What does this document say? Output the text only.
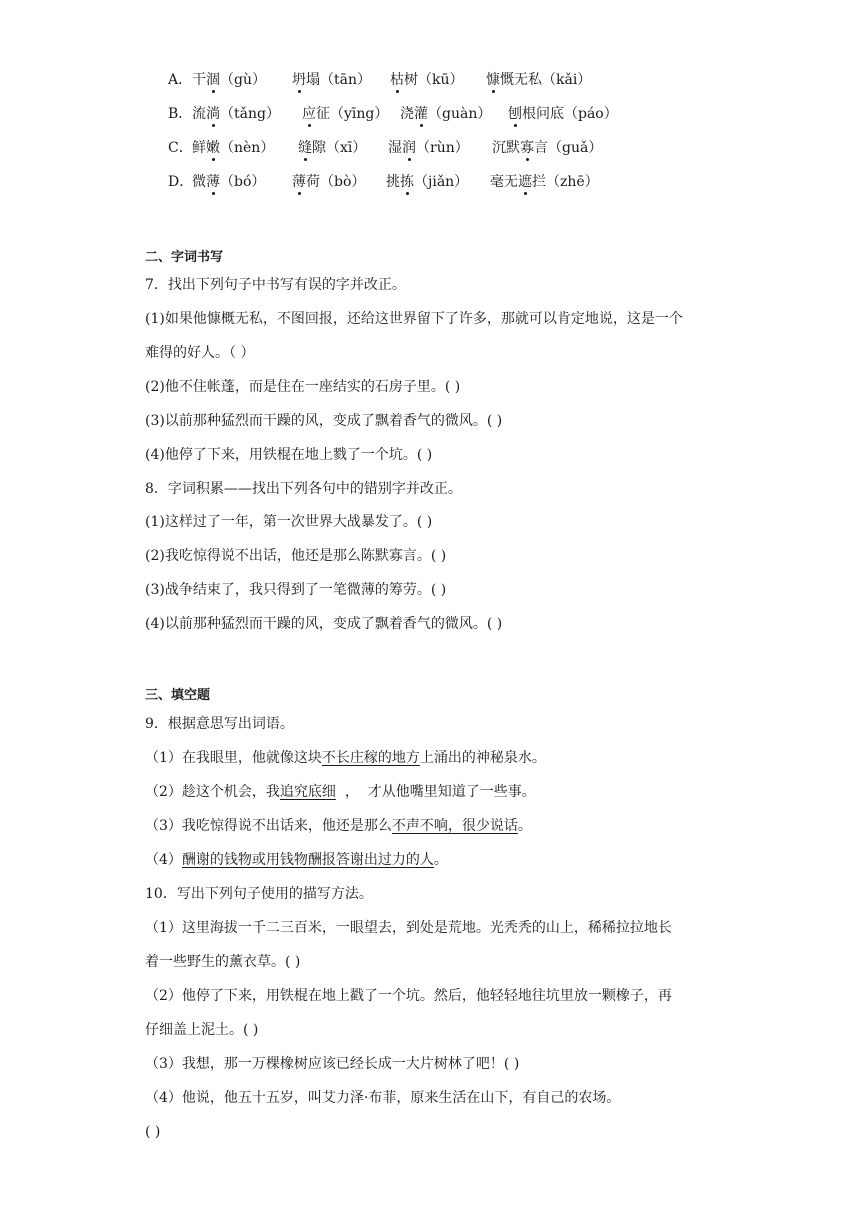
A．干涸（gù） 坍塌（tān） 枯树（kū） 慷慨无私（kǎi）
B．流淌（tǎng） 应征（yīng） 浇灌（guàn） 刨根问底（páo）
C．鲜嫩（nèn） 缝隙（xī） 湿润（rùn） 沉默寡言（guǎ）
D．微薄（bó） 薄荷（bò） 挑拣（jiǎn） 毫无遮拦（zhē）
二、字词书写
7．找出下列句子中书写有误的字并改正。
(1)如果他慷概无私，不图回报，还给这世界留下了许多，那就可以肯定地说，这是一个
难得的好人。（ ）
(2)他不住帐蓬，而是住在一座结实的石房子里。( )
(3)以前那种猛烈而干躁的风，变成了飘着香气的微风。( )
(4)他停了下来，用铁棍在地上戮了一个坑。( )
8．字词积累——找出下列各句中的错别字并改正。
(1)这样过了一年，第一次世界大战暴发了。( )
(2)我吃惊得说不出话，他还是那么陈默寡言。( )
(3)战争结束了，我只得到了一笔微薄的筹劳。( )
(4)以前那种猛烈而干躁的风，变成了飘着香气的微风。( )
三、填空题
9．根据意思写出词语。
（1）在我眼里，他就像这块不长庄稼的地方上涌出的神秘泉水。
（2）趁这个机会，我追究底细  ，  才从他嘴里知道了一些事。
（3）我吃惊得说不出话来，他还是那么不声不响，很少说话。
（4）酬谢的钱物或用钱物酬报答谢出过力的人。
10．写出下列句子使用的描写方法。
（1）这里海拔一千二三百米，一眼望去，到处是荒地。光秃秃的山上，稀稀拉拉地长
着一些野生的薰衣草。( )
（2）他停了下来，用铁棍在地上戳了一个坑。然后，他轻轻地往坑里放一颗橡子，再
仔细盖上泥土。( )
（3）我想，那一万棵橡树应该已经长成一大片树林了吧！( )
（4）他说，他五十五岁，叫艾力泽·布菲，原来生活在山下，有自己的农场。
( )
